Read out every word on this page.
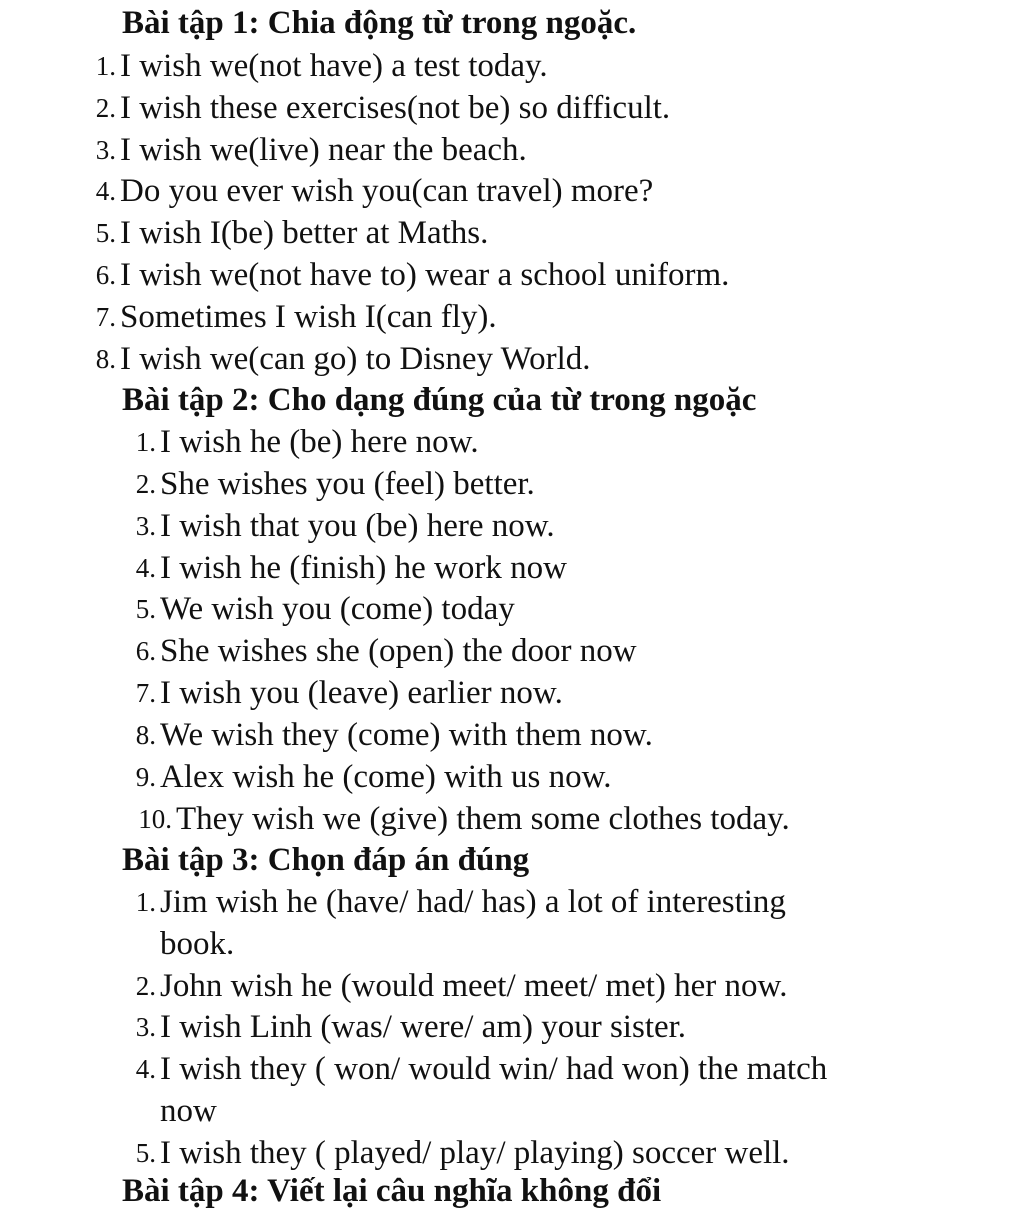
Bài tập 1: Chia động từ trong ngoặc.
1. I wish we(not have) a test today.
2. I wish these exercises(not be) so difficult.
3. I wish we(live) near the beach.
4. Do you ever wish you(can travel) more?
5. I wish I(be) better at Maths.
6. I wish we(not have to) wear a school uniform.
7. Sometimes I wish I(can fly).
8. I wish we(can go) to Disney World.
Bài tập 2: Cho dạng đúng của từ trong ngoặc
1. I wish he (be) here now.
2. She wishes you (feel) better.
3. I wish that you (be) here now.
4. I wish he (finish) he work now
5. We wish you (come) today
6. She wishes she (open) the door now
7. I wish you (leave) earlier now.
8. We wish they (come) with them now.
9. Alex wish he (come) with us now.
10. They wish we (give) them some clothes today.
Bài tập 3: Chọn đáp án đúng
1. Jim wish he (have/ had/ has) a lot of interesting
book.
2. John wish he (would meet/ meet/ met) her now.
3. I wish Linh (was/ were/ am) your sister.
4. I wish they ( won/ would win/ had won) the match
now
5. I wish they ( played/ play/ playing) soccer well.
Bài tập 4: Viết lại câu nghĩa không đổi
